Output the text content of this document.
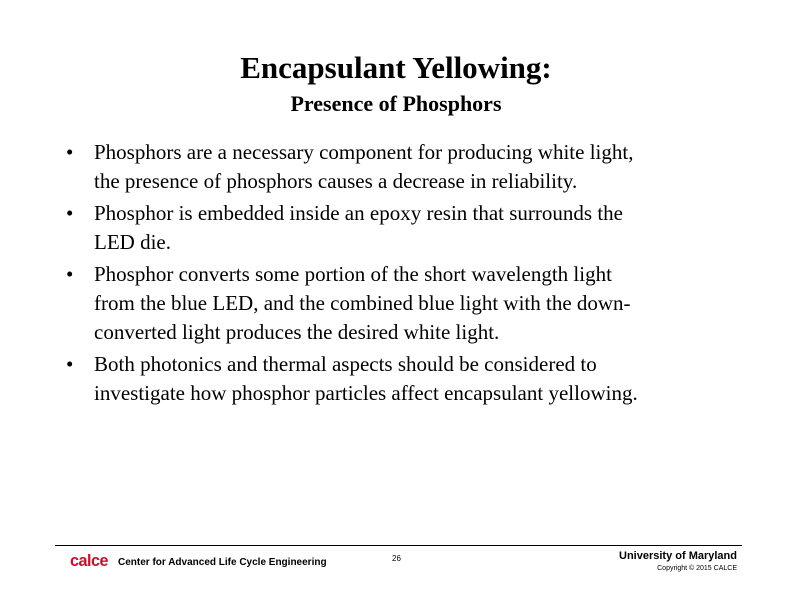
Encapsulant Yellowing:
Presence of Phosphors
• Phosphors are a necessary component for producing white light,
the presence of phosphors causes a decrease in reliability.
• Phosphor is embedded inside an epoxy resin that surrounds the
LED die.
• Phosphor converts some portion of the short wavelength light
from the blue LED, and the combined blue light with the down-
converted light produces the desired white light.
• Both photonics and thermal aspects should be considered to
investigate how phosphor particles affect encapsulant yellowing.
calce Center for Advanced Life Cycle Engineering	26	University of Maryland
Copyright © 2015 CALCE
